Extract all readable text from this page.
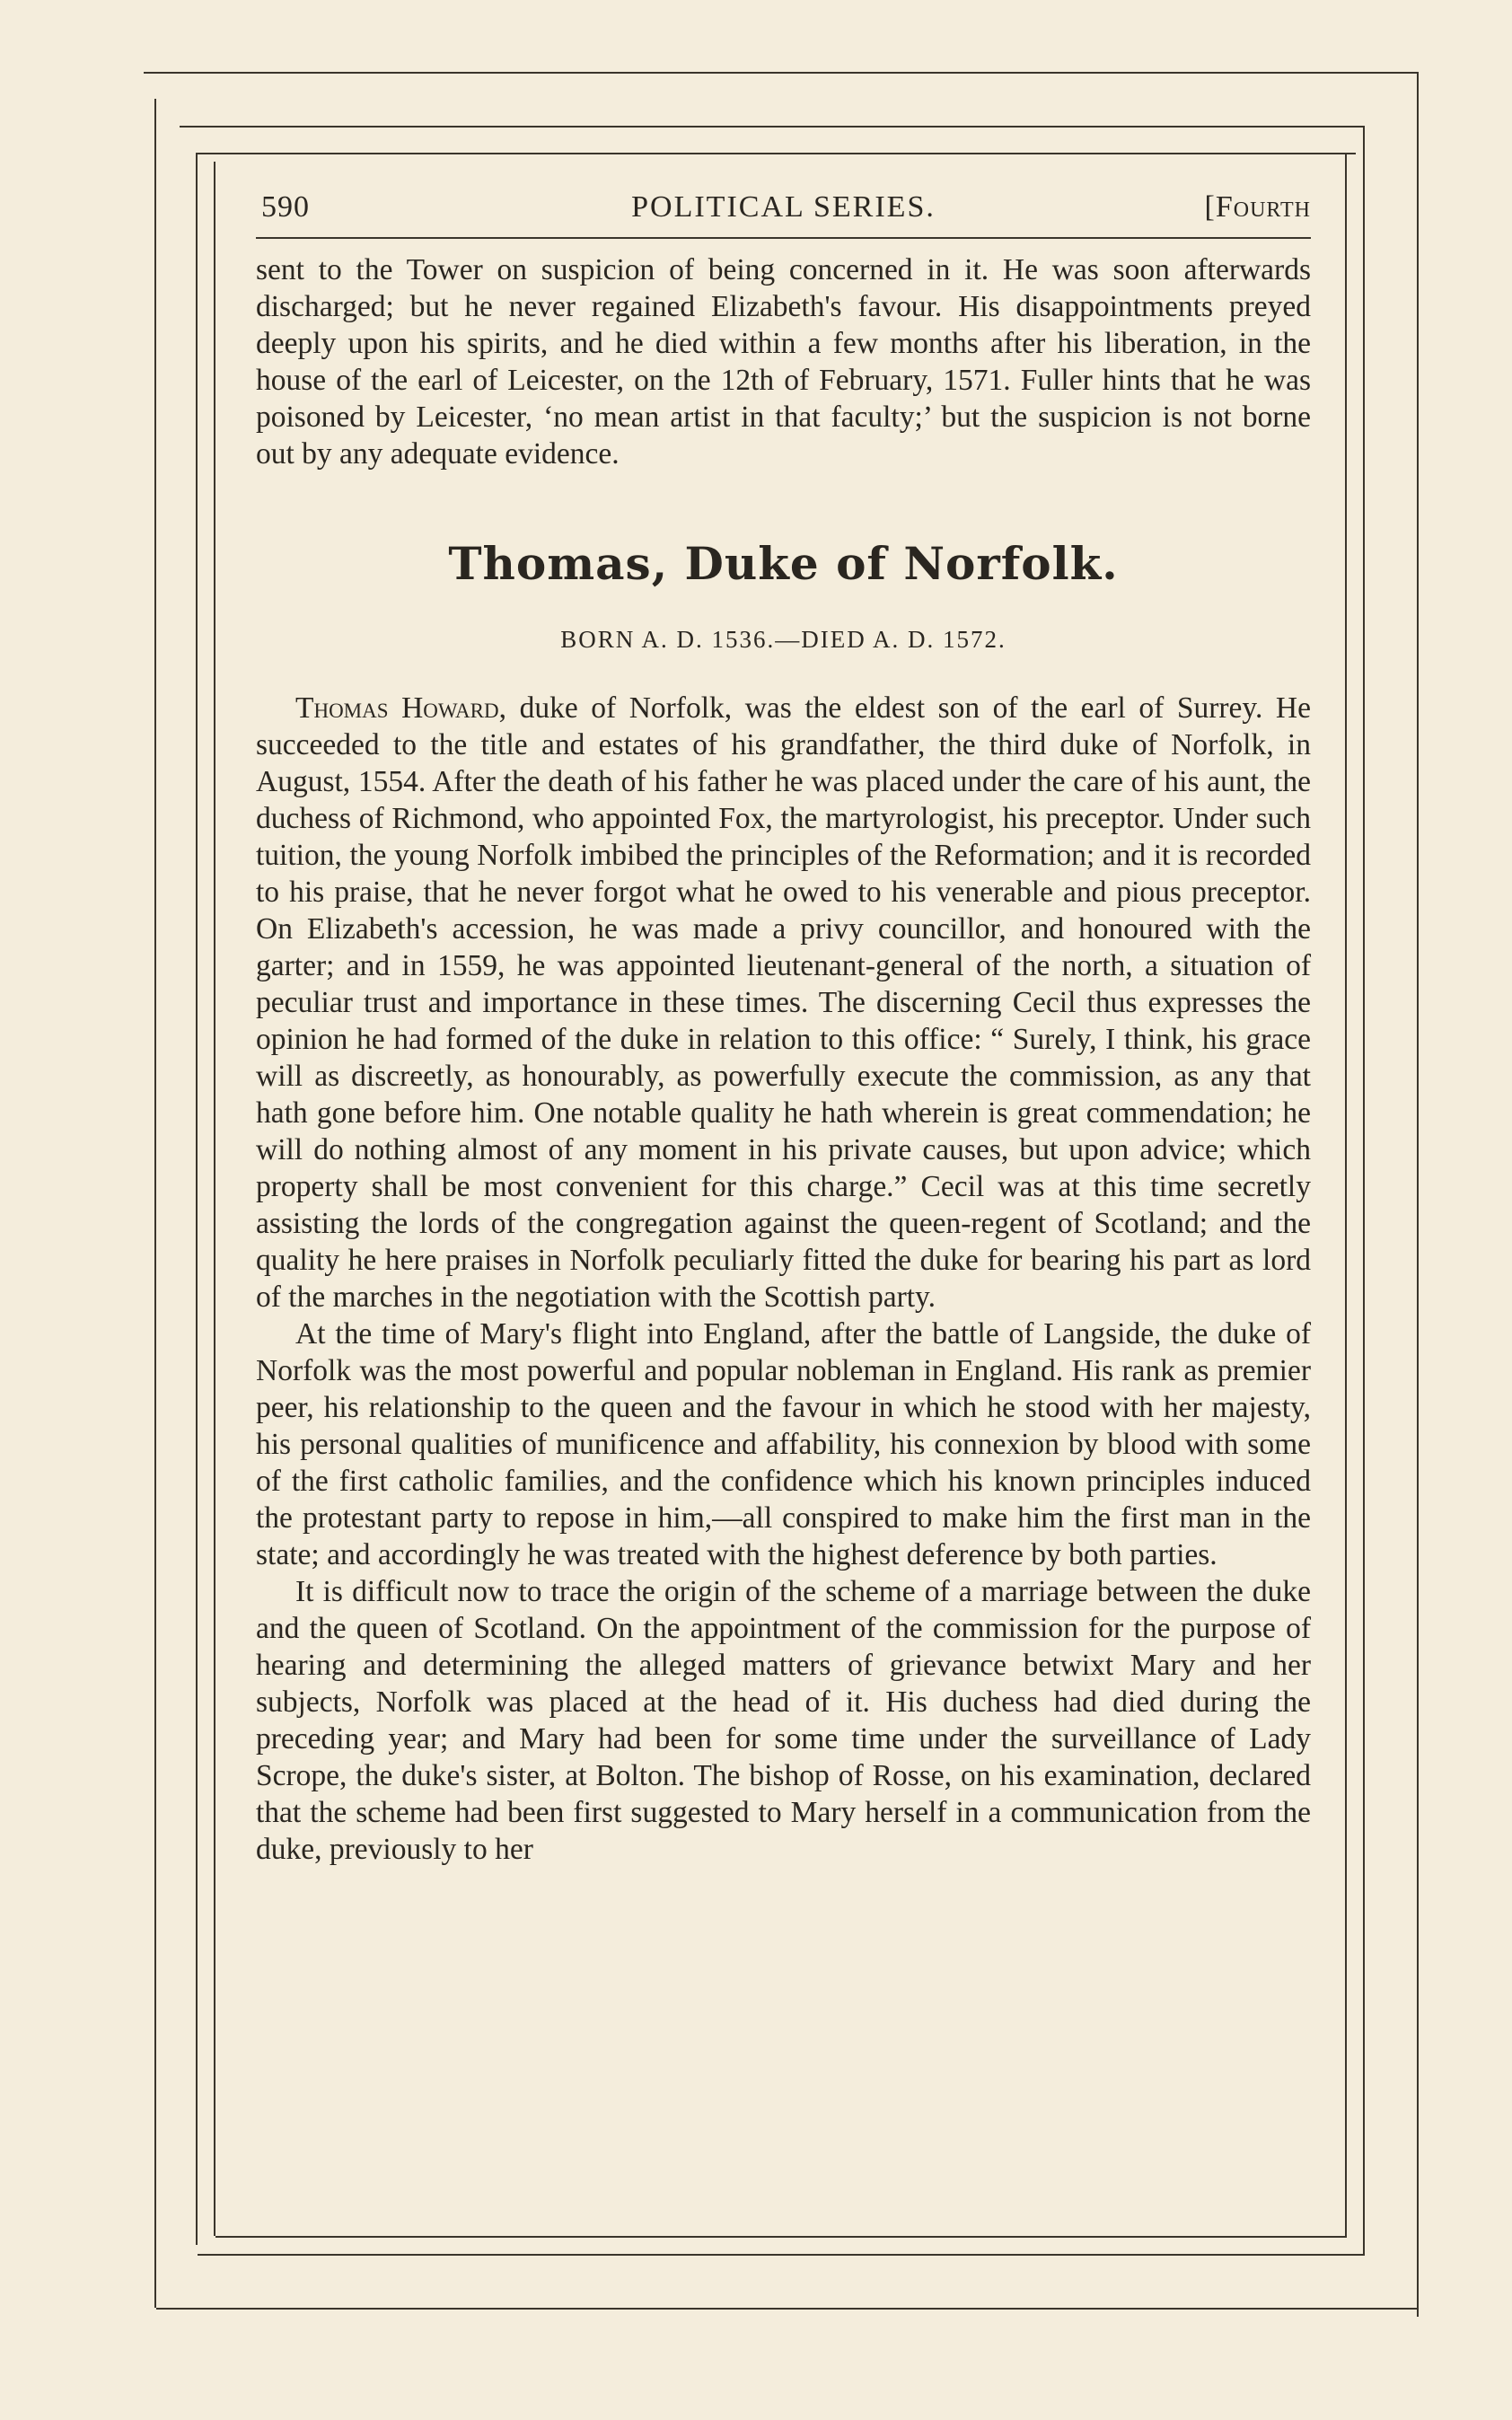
590	POLITICAL SERIES.	[Fourth

sent to the Tower on suspicion of being concerned in it. He was soon afterwards discharged; but he never regained Elizabeth's favour. His disappointments preyed deeply upon his spirits, and he died within a few months after his liberation, in the house of the earl of Leicester, on the 12th of February, 1571. Fuller hints that he was poisoned by Leicester, ‘no mean artist in that faculty;’ but the suspicion is not borne out by any adequate evidence.

Thomas, Duke of Norfolk.
BORN A. D. 1536.—DIED A. D. 1572.

Thomas Howard, duke of Norfolk, was the eldest son of the earl of Surrey. He succeeded to the title and estates of his grandfather, the third duke of Norfolk, in August, 1554. After the death of his father he was placed under the care of his aunt, the duchess of Richmond, who appointed Fox, the martyrologist, his preceptor. Under such tuition, the young Norfolk imbibed the principles of the Reformation; and it is recorded to his praise, that he never forgot what he owed to his venerable and pious preceptor. On Elizabeth's accession, he was made a privy councillor, and honoured with the garter; and in 1559, he was appointed lieutenant-general of the north, a situation of peculiar trust and importance in these times. The discerning Cecil thus expresses the opinion he had formed of the duke in relation to this office: “ Surely, I think, his grace will as discreetly, as honourably, as powerfully execute the commission, as any that hath gone before him. One notable quality he hath wherein is great commendation; he will do nothing almost of any moment in his private causes, but upon advice; which property shall be most convenient for this charge.” Cecil was at this time secretly assisting the lords of the congregation against the queen-regent of Scotland; and the quality he here praises in Norfolk peculiarly fitted the duke for bearing his part as lord of the marches in the negotiation with the Scottish party.

At the time of Mary's flight into England, after the battle of Langside, the duke of Norfolk was the most powerful and popular nobleman in England. His rank as premier peer, his relationship to the queen and the favour in which he stood with her majesty, his personal qualities of munificence and affability, his connexion by blood with some of the first catholic families, and the confidence which his known principles induced the protestant party to repose in him,—all conspired to make him the first man in the state; and accordingly he was treated with the highest deference by both parties.

It is difficult now to trace the origin of the scheme of a marriage between the duke and the queen of Scotland. On the appointment of the commission for the purpose of hearing and determining the alleged matters of grievance betwixt Mary and her subjects, Norfolk was placed at the head of it. His duchess had died during the preceding year; and Mary had been for some time under the surveillance of Lady Scrope, the duke's sister, at Bolton. The bishop of Rosse, on his examination, declared that the scheme had been first suggested to Mary herself in a communication from the duke, previously to her
